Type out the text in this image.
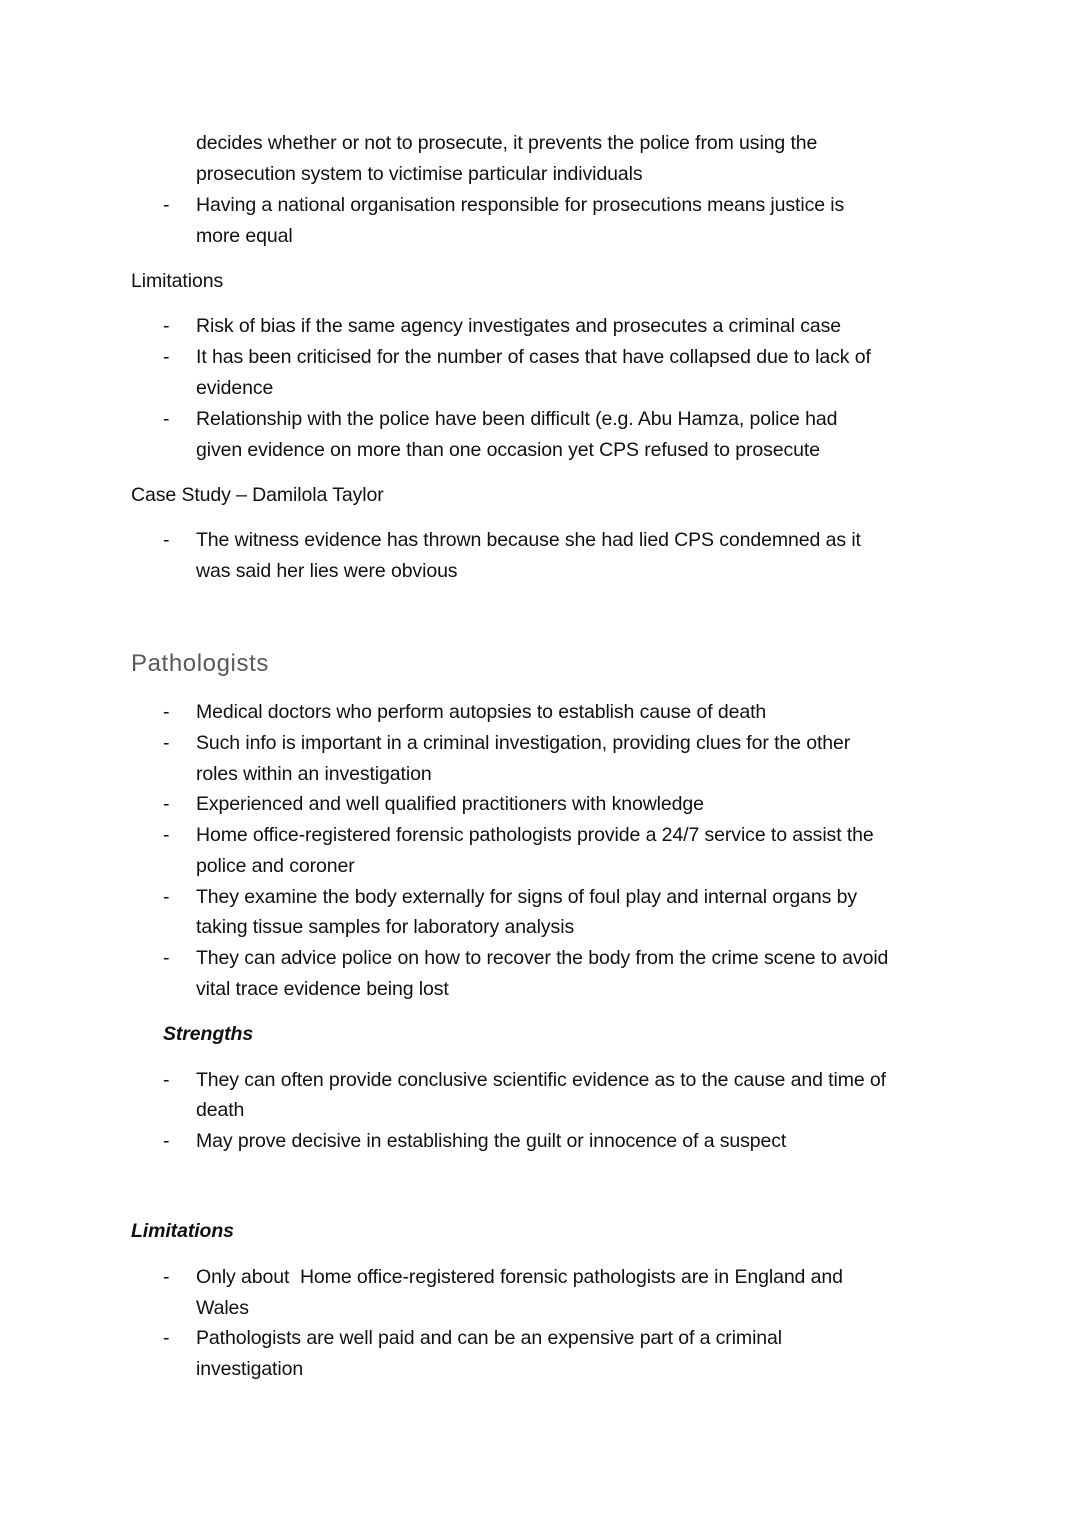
decides whether or not to prosecute, it prevents the police from using the
prosecution system to victimise particular individuals
- Having a national organisation responsible for prosecutions means justice is
more equal
Limitations
- Risk of bias if the same agency investigates and prosecutes a criminal case
- It has been criticised for the number of cases that have collapsed due to lack of
evidence
- Relationship with the police have been difficult (e.g. Abu Hamza, police had
given evidence on more than one occasion yet CPS refused to prosecute
Case Study – Damilola Taylor
- The witness evidence has thrown because she had lied CPS condemned as it
was said her lies were obvious
Pathologists
- Medical doctors who perform autopsies to establish cause of death
- Such info is important in a criminal investigation, providing clues for the other
roles within an investigation
- Experienced and well qualified practitioners with knowledge
- Home office-registered forensic pathologists provide a 24/7 service to assist the
police and coroner
- They examine the body externally for signs of foul play and internal organs by
taking tissue samples for laboratory analysis
- They can advice police on how to recover the body from the crime scene to avoid
vital trace evidence being lost
Strengths
- They can often provide conclusive scientific evidence as to the cause and time of
death
- May prove decisive in establishing the guilt or innocence of a suspect
Limitations
- Only about  Home office-registered forensic pathologists are in England and
Wales
- Pathologists are well paid and can be an expensive part of a criminal
investigation
